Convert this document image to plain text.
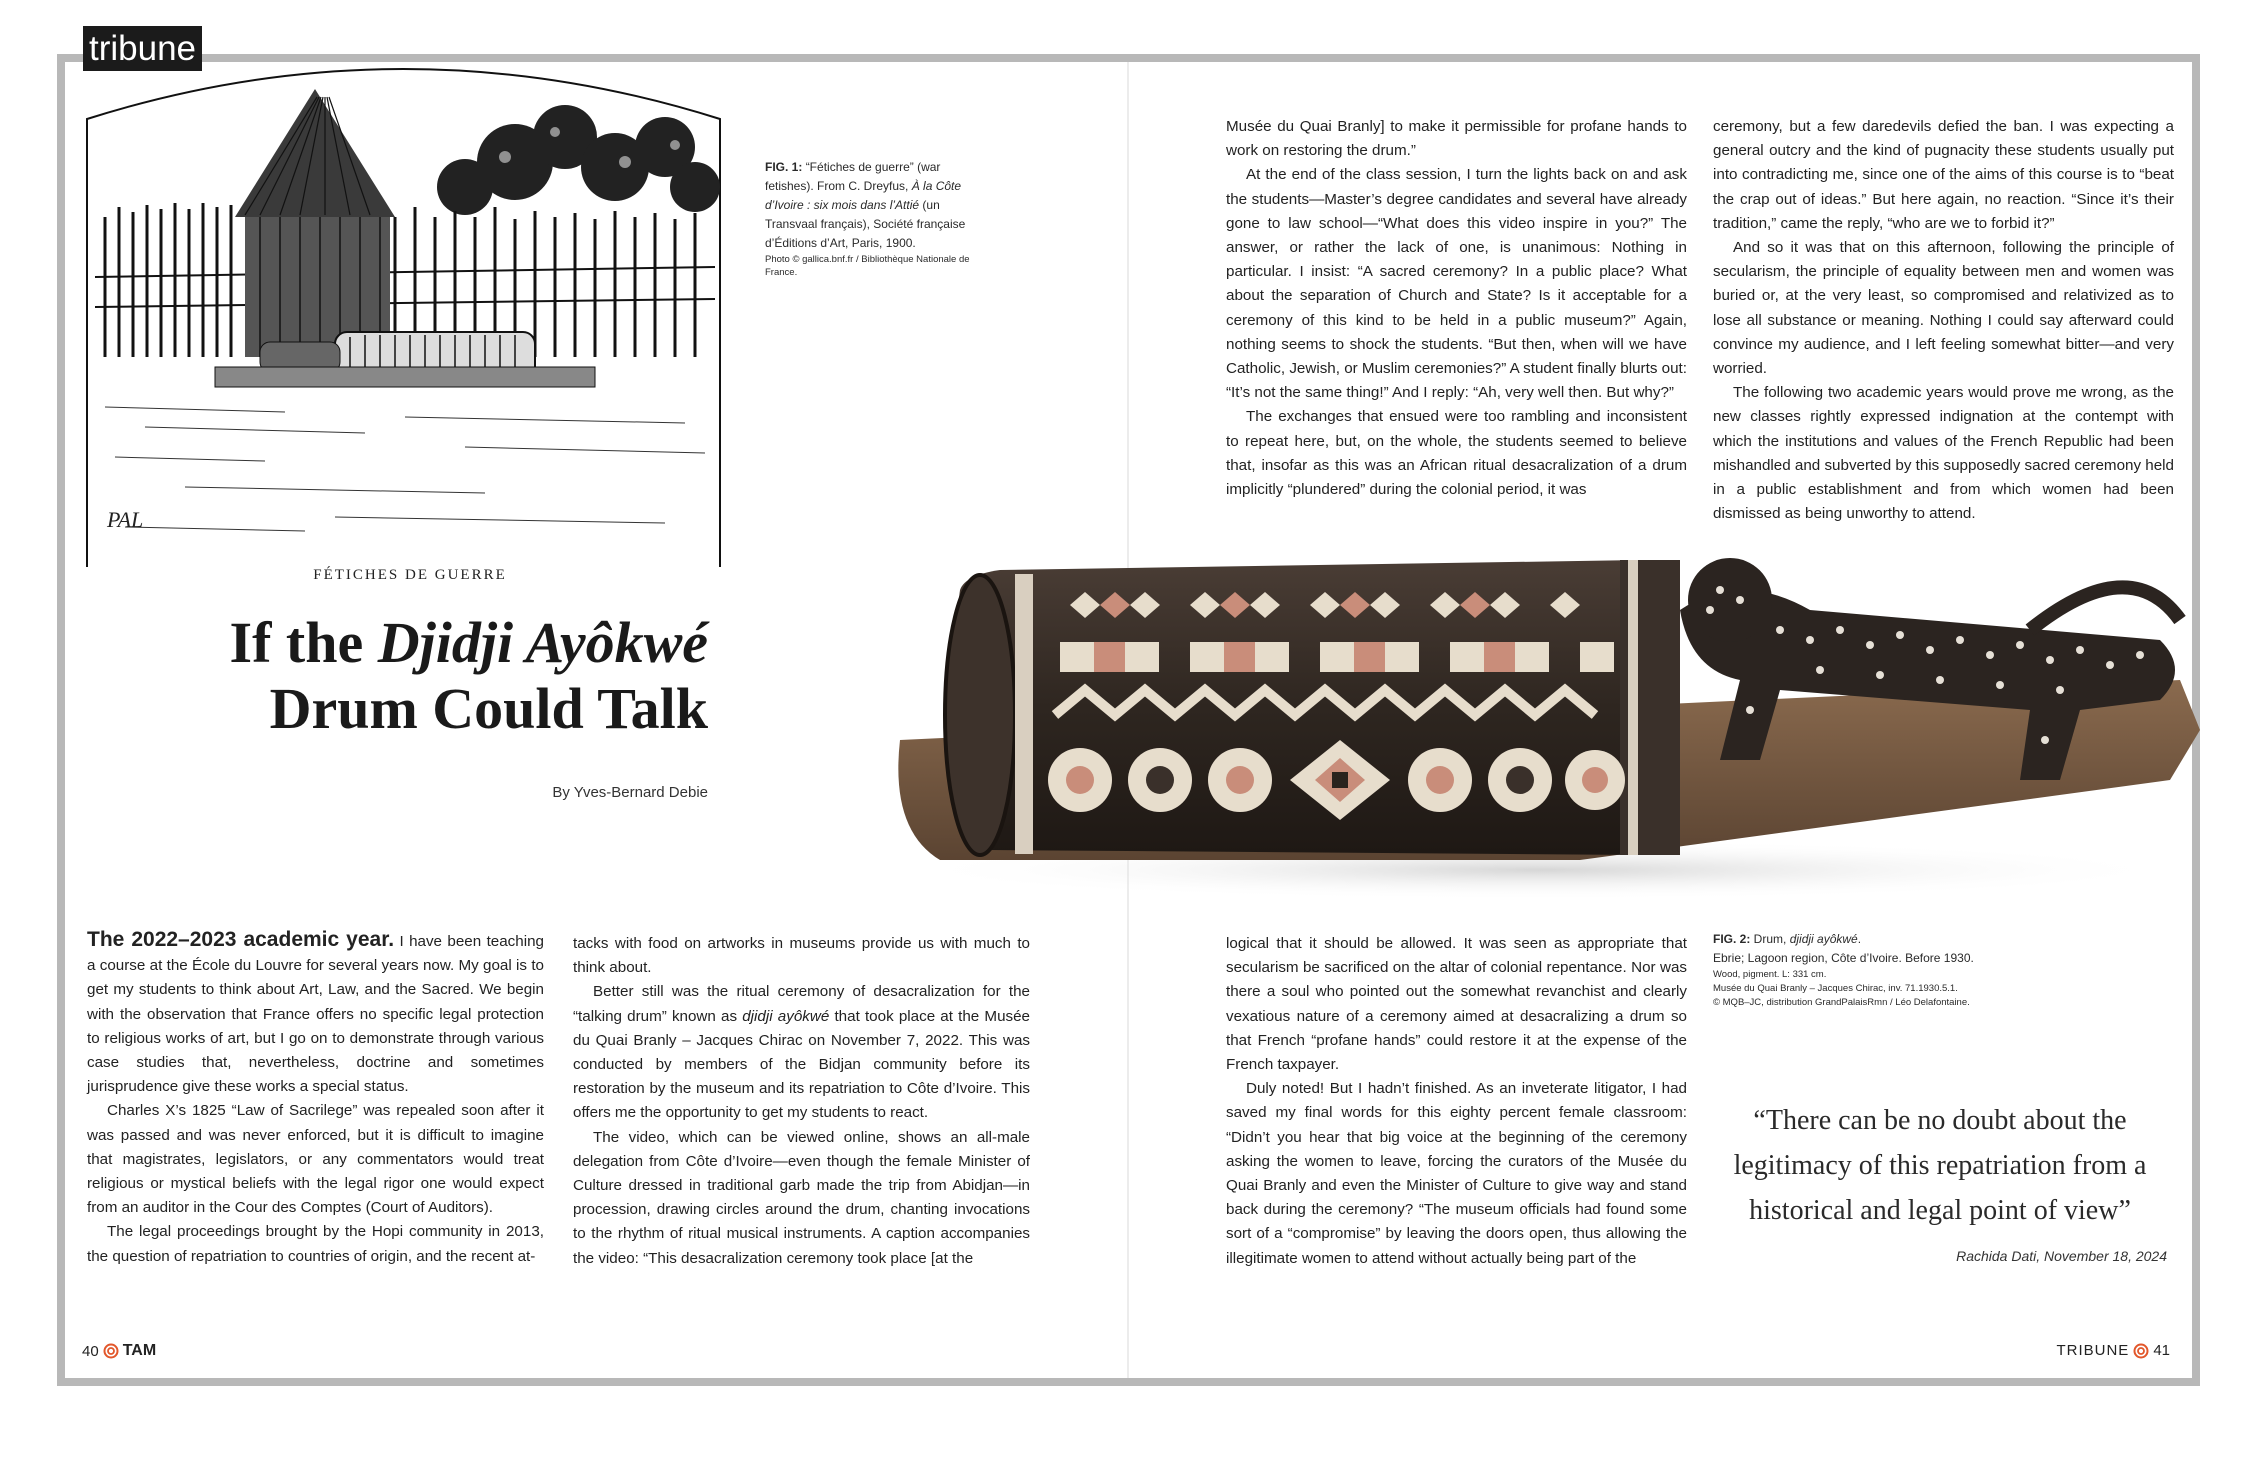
tribune
PAL
FÉTICHES DE GUERRE
FIG. 1: “Fétiches de guerre” (war fetishes). From C. Dreyfus, À la Côte d’Ivoire : six mois dans l’Attié (un Transvaal français), Société française d’Éditions d’Art, Paris, 1900.
Photo © gallica.bnf.fr / Bibliothèque Nationale de France.
If the Djidji Ayôkwé
Drum Could Talk
By Yves-Bernard Debie

The 2022–2023 academic year. I have been teaching a course at the École du Louvre for several years now. My goal is to get my students to think about Art, Law, and the Sacred. We begin with the observation that France offers no specific legal protection to religious works of art, but I go on to demonstrate through various case studies that, nevertheless, doctrine and sometimes jurisprudence give these works a special status.

Charles X’s 1825 “Law of Sacrilege” was repealed soon after it was passed and was never enforced, but it is difficult to imagine that magistrates, legislators, or any commentators would treat religious or mystical beliefs with the legal rigor one would expect from an auditor in the Cour des Comptes (Court of Auditors).

The legal proceedings brought by the Hopi community in 2013, the question of repatriation to countries of origin, and the recent at-

tacks with food on artworks in museums provide us with much to think about.

Better still was the ritual ceremony of desacralization for the “talking drum” known as djidji ayôkwé that took place at the Musée du Quai Branly – Jacques Chirac on November 7, 2022. This was conducted by members of the Bidjan community before its restoration by the museum and its repatriation to Côte d’Ivoire. This offers me the opportunity to get my students to react.

The video, which can be viewed online, shows an all-male delegation from Côte d’Ivoire—even though the female Minister of Culture dressed in traditional garb made the trip from Abidjan—in procession, drawing circles around the drum, chanting invocations to the rhythm of ritual musical instruments. A caption accompanies the video: “This desacralization ceremony took place [at the

Musée du Quai Branly] to make it permissible for profane hands to work on restoring the drum.”

At the end of the class session, I turn the lights back on and ask the students—Master’s degree candidates and several have already gone to law school—“What does this video inspire in you?” The answer, or rather the lack of one, is unanimous: Nothing in particular. I insist: “A sacred ceremony? In a public place? What about the separation of Church and State? Is it acceptable for a ceremony of this kind to be held in a public museum?” Again, nothing seems to shock the students. “But then, when will we have Catholic, Jewish, or Muslim ceremonies?” A student finally blurts out: “It’s not the same thing!” And I reply: “Ah, very well then. But why?”

The exchanges that ensued were too rambling and inconsistent to repeat here, but, on the whole, the students seemed to believe that, insofar as this was an African ritual desacralization of a drum implicitly “plundered” during the colonial period, it was

ceremony, but a few daredevils defied the ban. I was expecting a general outcry and the kind of pugnacity these students usually put into contradicting me, since one of the aims of this course is to “beat the crap out of ideas.” But here again, no reaction. “Since it’s their tradition,” came the reply, “who are we to forbid it?”

And so it was that on this afternoon, following the principle of secularism, the principle of equality between men and women was buried or, at the very least, so compromised and relativized as to lose all substance or meaning. Nothing I could say afterward could convince my audience, and I left feeling somewhat bitter—and very worried.

The following two academic years would prove me wrong, as the new classes rightly expressed indignation at the contempt with which the institutions and values of the French Republic had been mishandled and subverted by this supposedly sacred ceremony held in a public establishment and from which women had been dismissed as being unworthy to attend.

logical that it should be allowed. It was seen as appropriate that secularism be sacrificed on the altar of colonial repentance. Nor was there a soul who pointed out the somewhat revanchist and clearly vexatious nature of a ceremony aimed at desacralizing a drum so that French “profane hands” could restore it at the expense of the French taxpayer.

Duly noted! But I hadn’t finished. As an inveterate litigator, I had saved my final words for this eighty percent female classroom: “Didn’t you hear that big voice at the beginning of the ceremony asking the women to leave, forcing the curators of the Musée du Quai Branly and even the Minister of Culture to give way and stand back during the ceremony? “The museum officials had found some sort of a “compromise” by leaving the doors open, thus allowing the illegitimate women to attend without actually being part of the

FIG. 2: Drum, djidji ayôkwé.
Ebrie; Lagoon region, Côte d’Ivoire. Before 1930.
Wood, pigment. L: 331 cm.
Musée du Quai Branly – Jacques Chirac, inv. 71.1930.5.1.
© MQB–JC, distribution GrandPalaisRmn / Léo Delafontaine.
“There can be no doubt about the legitimacy of this repatriation from a historical and legal point of view”
Rachida Dati, November 18, 2024
40 TAM	TRIBUNE 41
